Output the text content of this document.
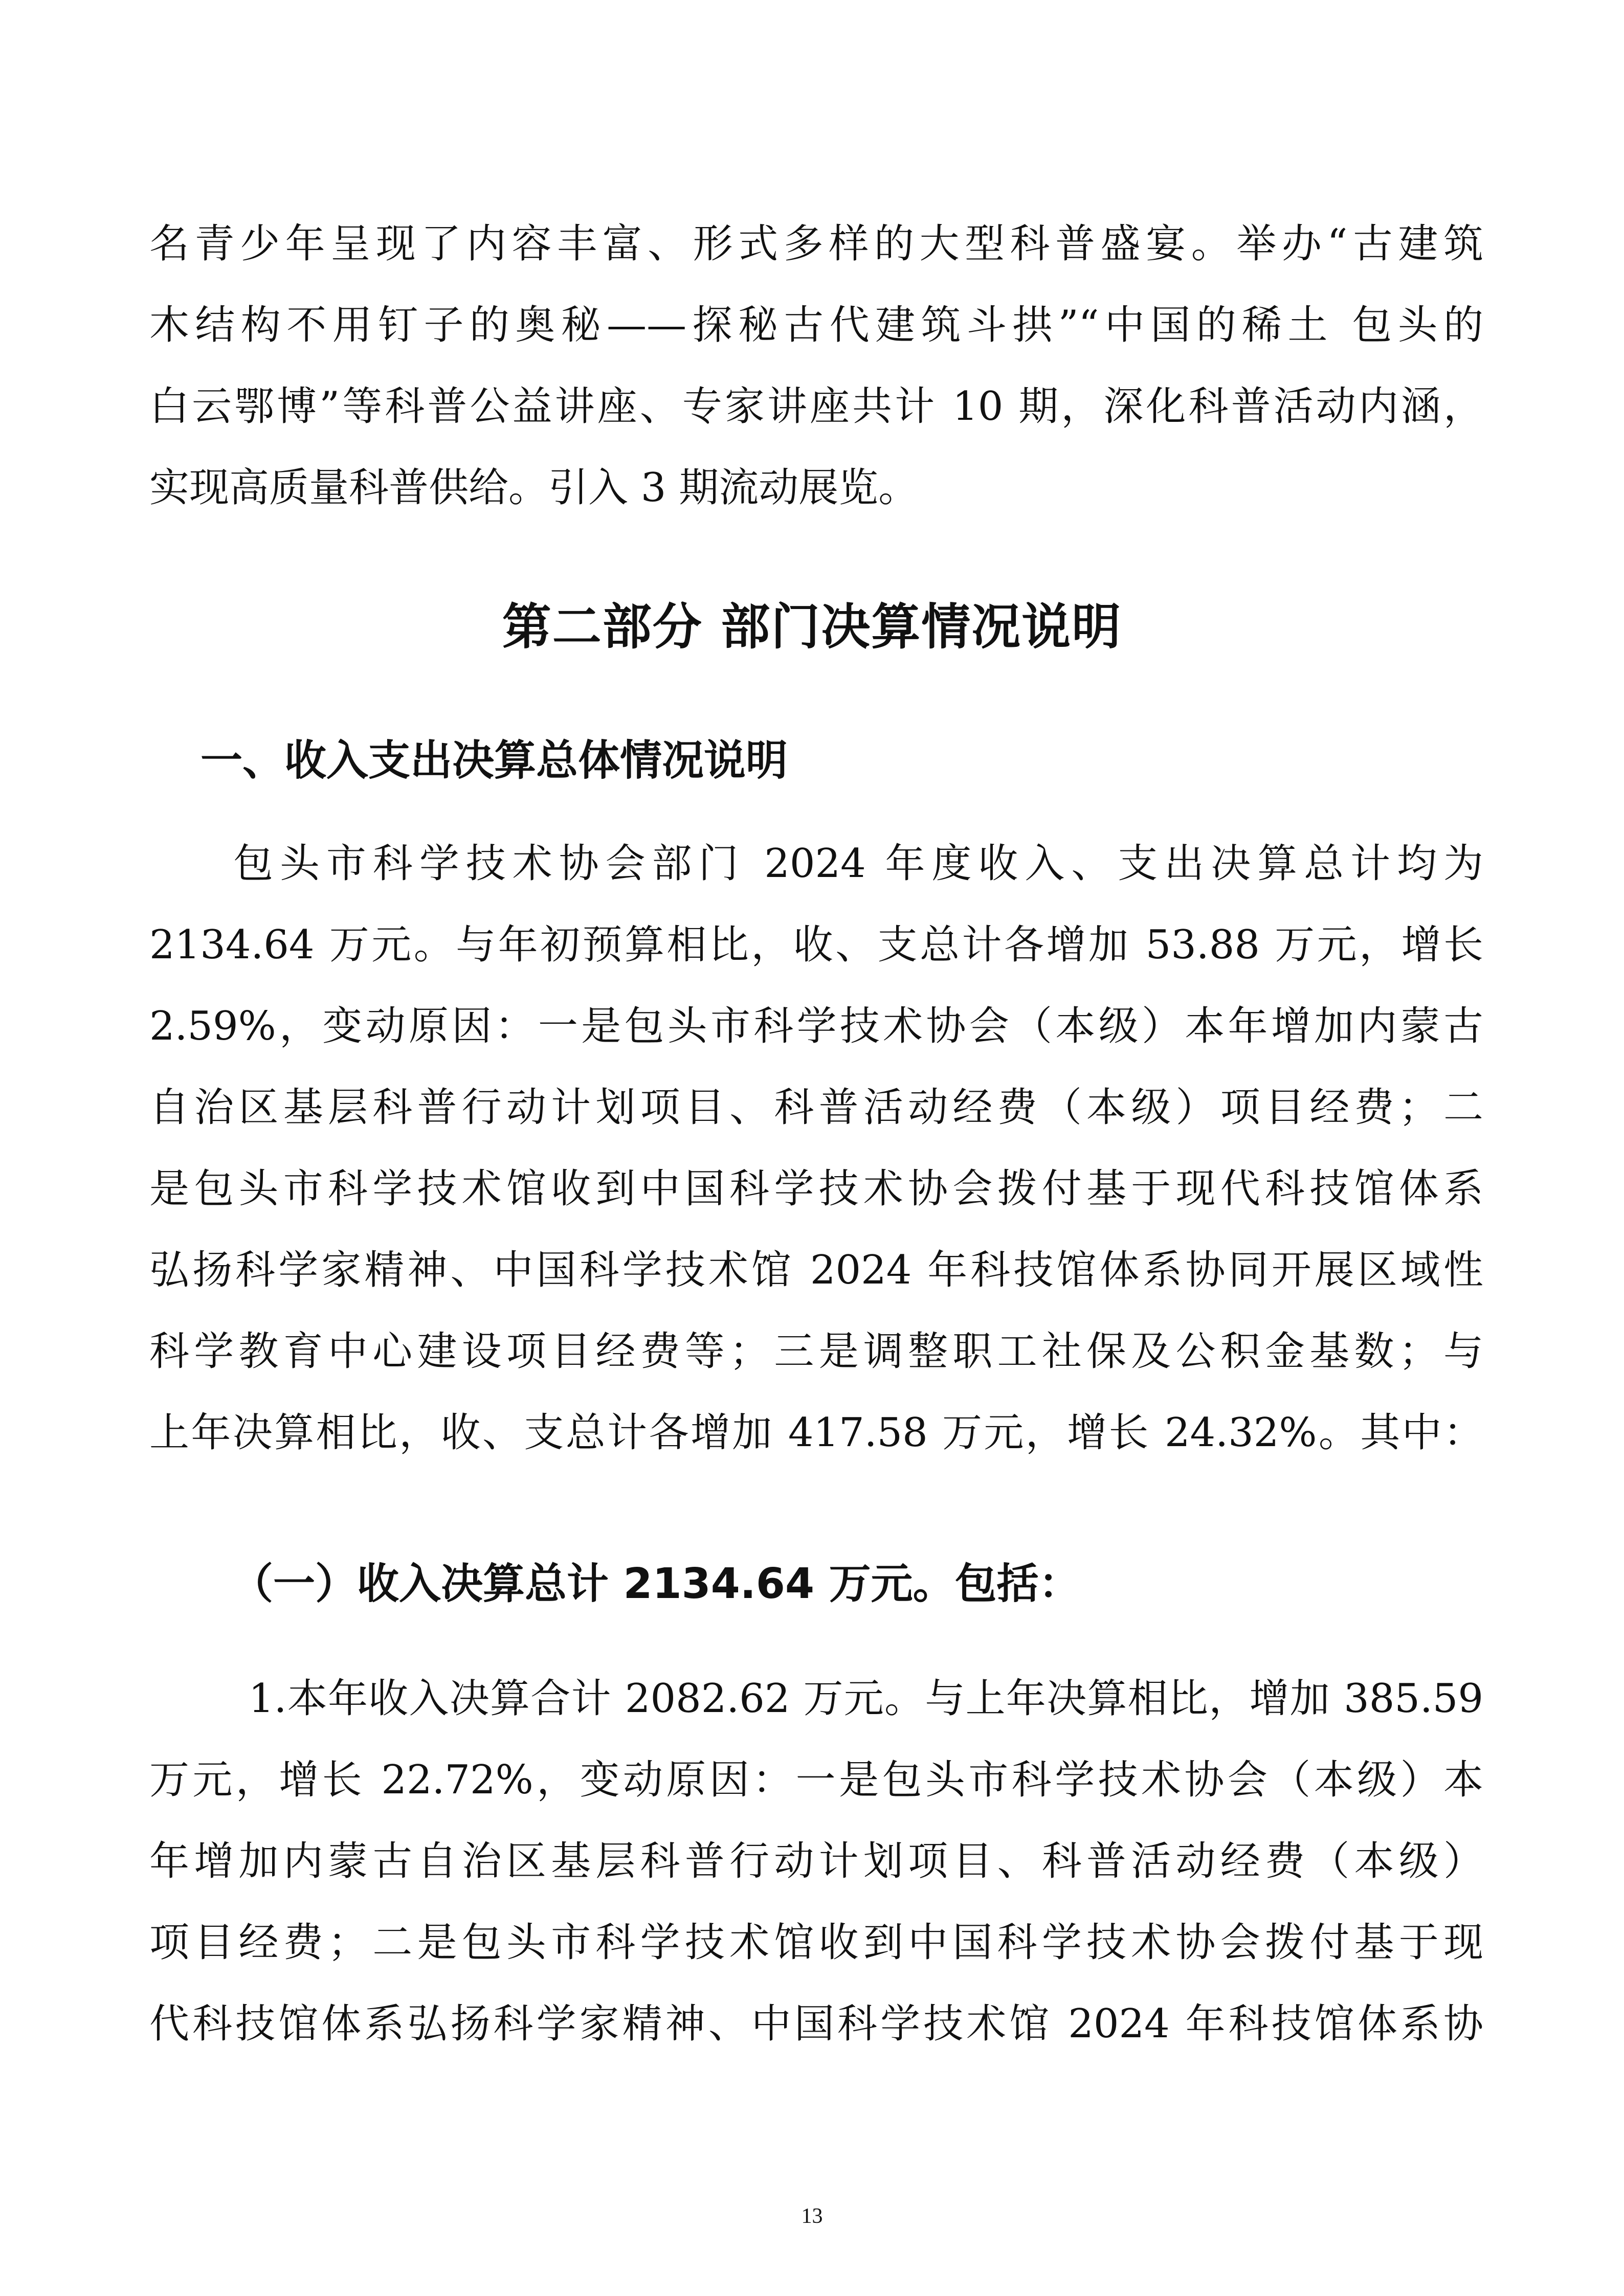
名青少年呈现了内容丰富、形式多样的大型科普盛宴。举办“古建筑
木结构不用钉子的奥秘——探秘古代建筑斗拱”“中国的稀土 包头的
白云鄂博”等科普公益讲座、专家讲座共计 10 期，深化科普活动内涵，
实现高质量科普供给。引入 3 期流动展览。
第二部分 部门决算情况说明
一、收入支出决算总体情况说明
包头市科学技术协会部门 2024 年度收入、支出决算总计均为
2134.64 万元。与年初预算相比，收、支总计各增加 53.88 万元，增长
2.59%，变动原因：一是包头市科学技术协会（本级）本年增加内蒙古
自治区基层科普行动计划项目、科普活动经费（本级）项目经费；二
是包头市科学技术馆收到中国科学技术协会拨付基于现代科技馆体系
弘扬科学家精神、中国科学技术馆 2024 年科技馆体系协同开展区域性
科学教育中心建设项目经费等；三是调整职工社保及公积金基数；与
上年决算相比，收、支总计各增加 417.58 万元，增长 24.32%。其中：
（一）收入决算总计 2134.64 万元。包括：
1.本年收入决算合计 2082.62 万元。与上年决算相比，增加 385.59
万元，增长 22.72%，变动原因：一是包头市科学技术协会（本级）本
年增加内蒙古自治区基层科普行动计划项目、科普活动经费（本级）
项目经费；二是包头市科学技术馆收到中国科学技术协会拨付基于现
代科技馆体系弘扬科学家精神、中国科学技术馆 2024 年科技馆体系协
13
